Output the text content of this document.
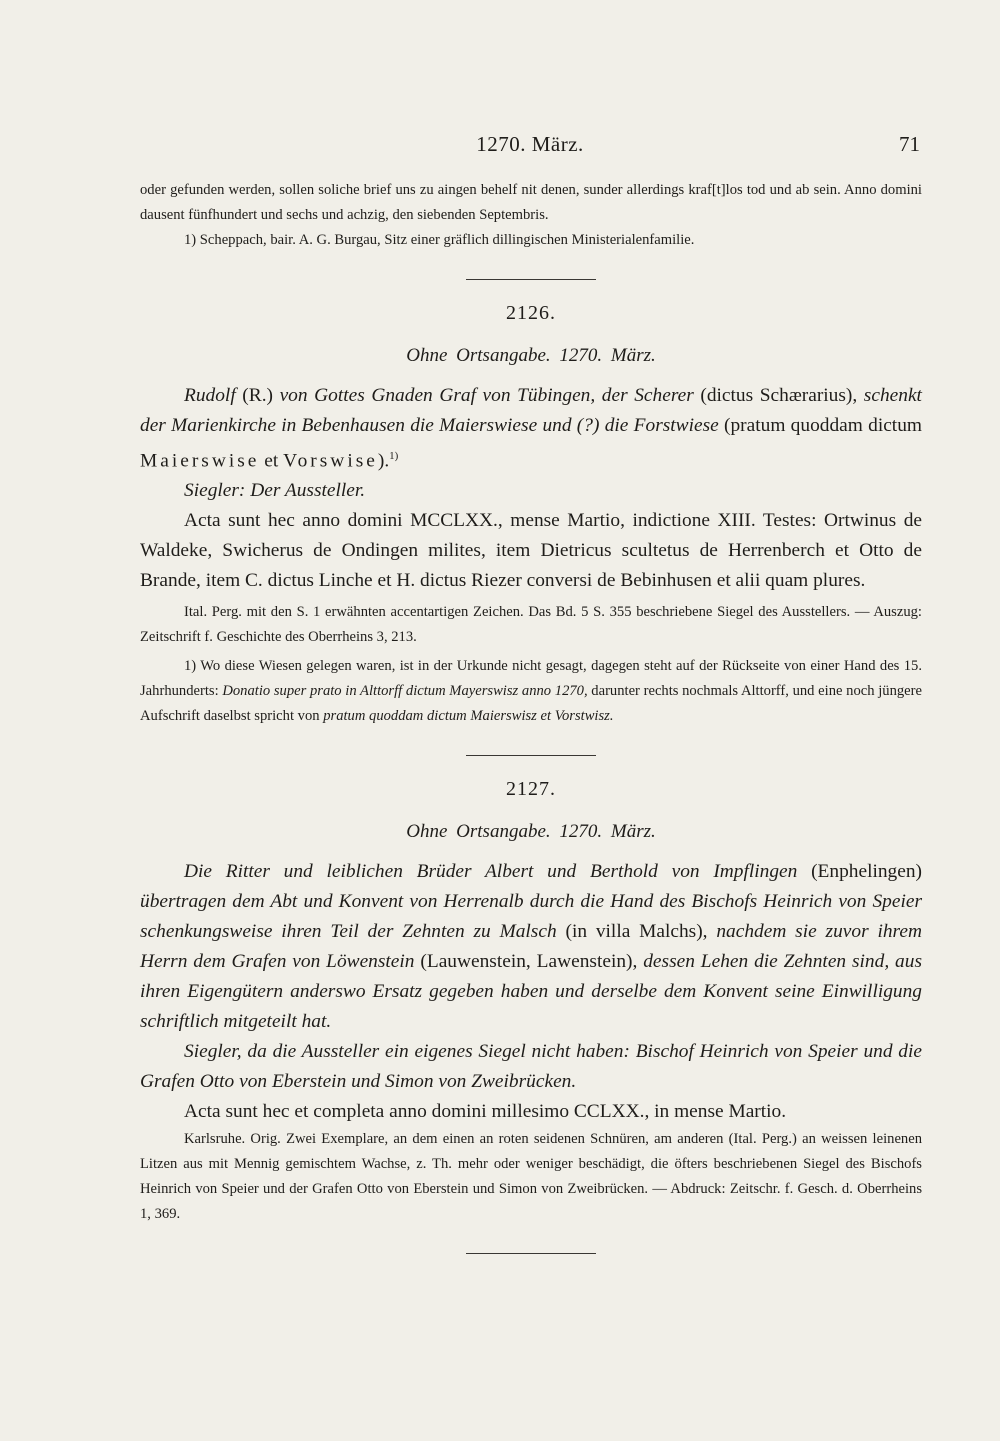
1270. März.	71

oder gefunden werden, sollen soliche brief uns zu aingen behelf nit denen, sunder allerdings kraf[t]los tod und ab sein. Anno domini dausent fünfhundert und sechs und achzig, den siebenden Septembris.

1) Scheppach, bair. A. G. Burgau, Sitz einer gräflich dillingischen Ministerialenfamilie.

2126.
Ohne Ortsangabe. 1270. März.

Rudolf (R.) von Gottes Gnaden Graf von Tübingen, der Scherer (dictus Schærarius), schenkt der Marienkirche in Bebenhausen die Maierswiese und (?) die Forstwiese (pratum quoddam dictum Maierswise et Vorswise).$^{1)}$

Siegler: Der Aussteller.

Acta sunt hec anno domini MCCLXX., mense Martio, indictione XIII. Testes: Ortwinus de Waldeke, Swicherus de Ondingen milites, item Dietricus scultetus de Herrenberch et Otto de Brande, item C. dictus Linche et H. dictus Riezer conversi de Bebinhusen et alii quam plures.

Ital. Perg. mit den S. 1 erwähnten accentartigen Zeichen. Das Bd. 5 S. 355 beschriebene Siegel des Ausstellers. — Auszug: Zeitschrift f. Geschichte des Oberrheins 3, 213.

1) Wo diese Wiesen gelegen waren, ist in der Urkunde nicht gesagt, dagegen steht auf der Rückseite von einer Hand des 15. Jahrhunderts: Donatio super prato in Alttorff dictum Mayerswisz anno 1270, darunter rechts nochmals Alttorff, und eine noch jüngere Aufschrift daselbst spricht von pratum quoddam dictum Maierswisz et Vorstwisz.

2127.
Ohne Ortsangabe. 1270. März.

Die Ritter und leiblichen Brüder Albert und Berthold von Impflingen (Enphelingen) übertragen dem Abt und Konvent von Herrenalb durch die Hand des Bischofs Heinrich von Speier schenkungsweise ihren Teil der Zehnten zu Malsch (in villa Malchs), nachdem sie zuvor ihrem Herrn dem Grafen von Löwenstein (Lauwenstein, Lawenstein), dessen Lehen die Zehnten sind, aus ihren Eigengütern anderswo Ersatz gegeben haben und derselbe dem Konvent seine Einwilligung schriftlich mitgeteilt hat.

Siegler, da die Aussteller ein eigenes Siegel nicht haben: Bischof Heinrich von Speier und die Grafen Otto von Eberstein und Simon von Zweibrücken.

Acta sunt hec et completa anno domini millesimo CCLXX., in mense Martio.

Karlsruhe. Orig. Zwei Exemplare, an dem einen an roten seidenen Schnüren, am anderen (Ital. Perg.) an weissen leinenen Litzen aus mit Mennig gemischtem Wachse, z. Th. mehr oder weniger beschädigt, die öfters beschriebenen Siegel des Bischofs Heinrich von Speier und der Grafen Otto von Eberstein und Simon von Zweibrücken. — Abdruck: Zeitschr. f. Gesch. d. Oberrheins 1, 369.
